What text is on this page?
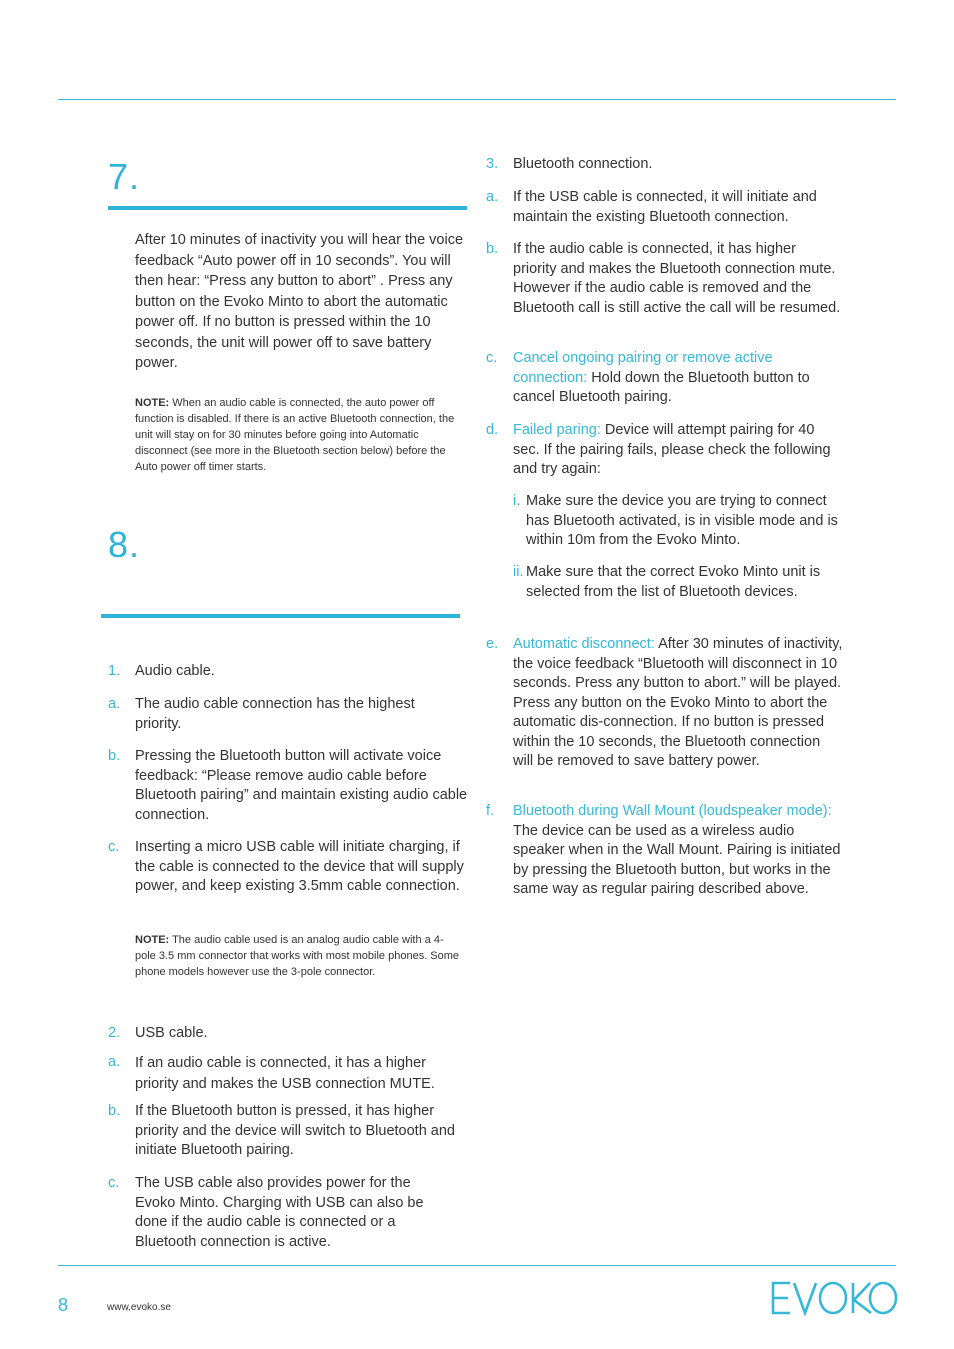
7.
After 10 minutes of inactivity you will hear the voice feedback “Auto power off in 10 seconds”. You will then hear: “Press any button to abort” . Press any button on the Evoko Minto to abort the automatic power off. If no button is pressed within the 10 seconds, the unit will power off to save battery power.
NOTE: When an audio cable is connected, the auto power off function is disabled. If there is an active Bluetooth connection, the unit will stay on for 30 minutes before going into Automatic disconnect (see more in the Bluetooth section below) before the Auto power off timer starts.
8.
1. Audio cable.
a. The audio cable connection has the highest priority.
b. Pressing the Bluetooth button will activate voice feedback: “Please remove audio cable before Bluetooth pairing” and maintain existing audio cable connection.
c. Inserting a micro USB cable will initiate charging, if the cable is connected to the device that will supply power, and keep existing 3.5mm cable connection.
NOTE: The audio cable used is an analog audio cable with a 4-pole 3.5 mm connector that works with most mobile phones. Some phone models however use the 3-pole connector.
2. USB cable.
a. If an audio cable is connected, it has a higher priority and makes the USB connection MUTE.
b. If the Bluetooth button is pressed, it has higher priority and the device will switch to Bluetooth and initiate Bluetooth pairing.
c. The USB cable also provides power for the Evoko Minto. Charging with USB can also be done if the audio cable is connected or a Bluetooth connection is active.
3. Bluetooth connection.
a. If the USB cable is connected, it will initiate and maintain the existing Bluetooth connection.
b. If the audio cable is connected, it has higher priority and makes the Bluetooth connection mute. However if the audio cable is removed and the Bluetooth call is still active the call will be resumed.
c. Cancel ongoing pairing or remove active connection: Hold down the Bluetooth button to cancel Bluetooth pairing.
d. Failed paring: Device will attempt pairing for 40 sec. If the pairing fails, please check the following and try again:
i. Make sure the device you are trying to connect has Bluetooth activated, is in visible mode and is within 10m from the Evoko Minto.
ii. Make sure that the correct Evoko Minto unit is selected from the list of Bluetooth devices.
e. Automatic disconnect: After 30 minutes of inactivity, the voice feedback “Bluetooth will disconnect in 10 seconds. Press any button to abort.” will be played. Press any button on the Evoko Minto to abort the automatic dis-connection. If no button is pressed within the 10 seconds, the Bluetooth connection will be removed to save battery power.
f. Bluetooth during Wall Mount (loudspeaker mode): The device can be used as a wireless audio speaker when in the Wall Mount. Pairing is initiated by pressing the Bluetooth button, but works in the same way as regular pairing described above.
8	www.evoko.se
